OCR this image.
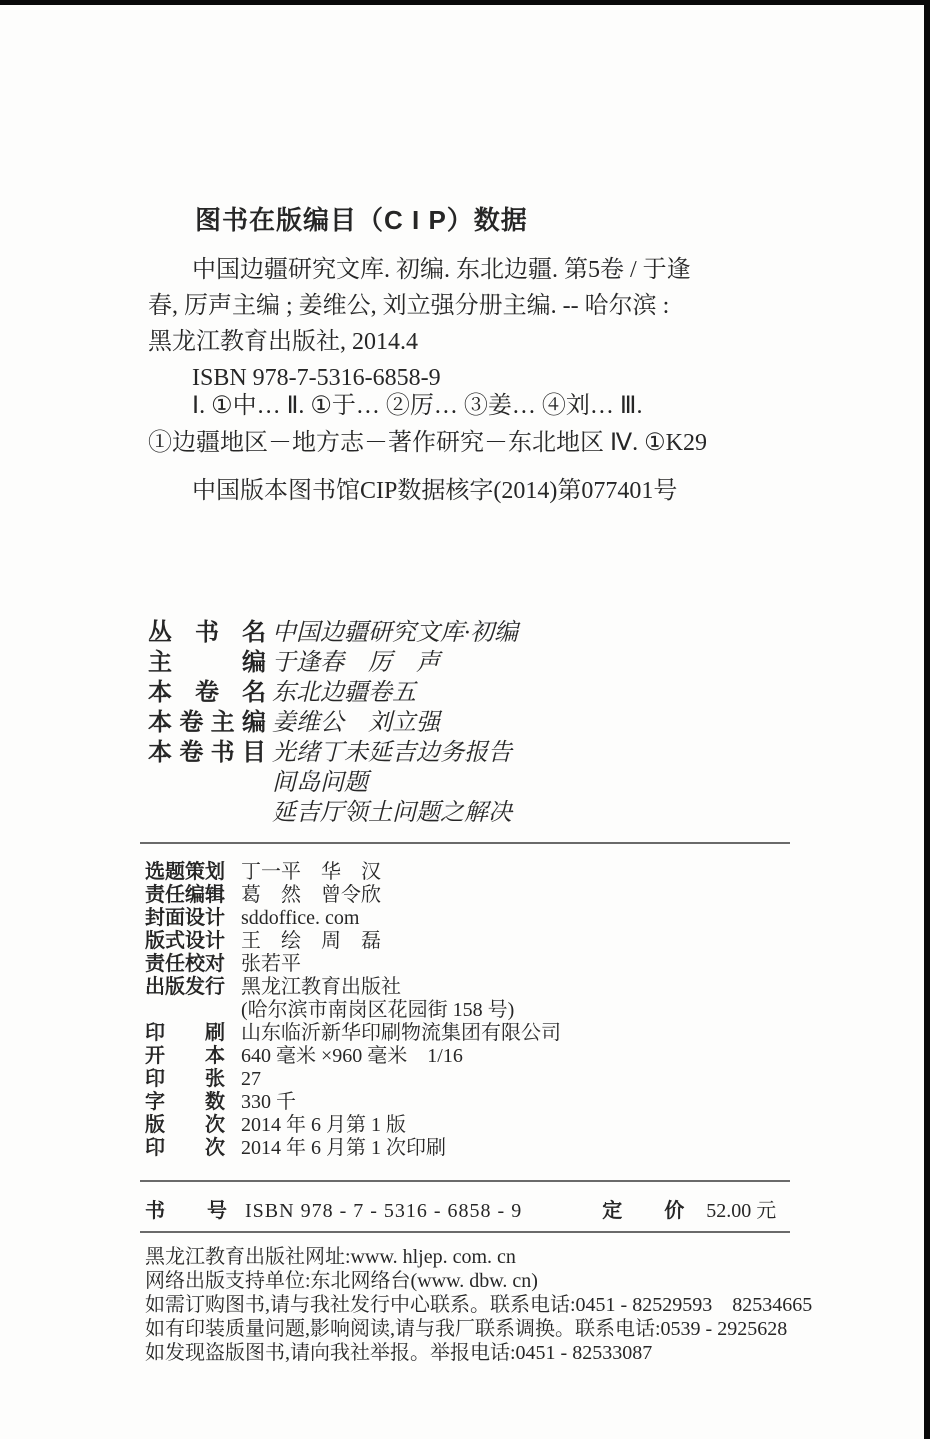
图书在版编目（C I P）数据
中国边疆研究文库. 初编. 东北边疆. 第5卷 / 于逢
春, 厉声主编 ; 姜维公, 刘立强分册主编. -- 哈尔滨 :
黑龙江教育出版社, 2014.4
ISBN 978-7-5316-6858-9
Ⅰ. ①中… Ⅱ. ①于… ②厉… ③姜… ④刘… Ⅲ.
①边疆地区－地方志－著作研究－东北地区 Ⅳ. ①K29
中国版本图书馆CIP数据核字(2014)第077401号
丛书名 中国边疆研究文库·初编
主编 于逢春　厉　声
本卷名 东北边疆卷五
本卷主编 姜维公　刘立强
本卷书目 光绪丁未延吉边务报告
间岛问题
延吉厅领土问题之解决
选题策划 丁一平　华　汉
责任编辑 葛　然　曾令欣
封面设计 sddoffice. com
版式设计 王　绘　周　磊
责任校对 张若平
出版发行 黑龙江教育出版社
(哈尔滨市南岗区花园街 158 号)
印刷 山东临沂新华印刷物流集团有限公司
开本 640 毫米 ×960 毫米　1/16
印张 27
字数 330 千
版次 2014 年 6 月第 1 版
印次 2014 年 6 月第 1 次印刷
书号 ISBN 978 - 7 - 5316 - 6858 - 9	定价 52.00 元
黑龙江教育出版社网址:www. hljep. com. cn
网络出版支持单位:东北网络台(www. dbw. cn)
如需订购图书,请与我社发行中心联系。联系电话:0451 - 82529593　82534665
如有印装质量问题,影响阅读,请与我厂联系调换。联系电话:0539 - 2925628
如发现盗版图书,请向我社举报。举报电话:0451 - 82533087
